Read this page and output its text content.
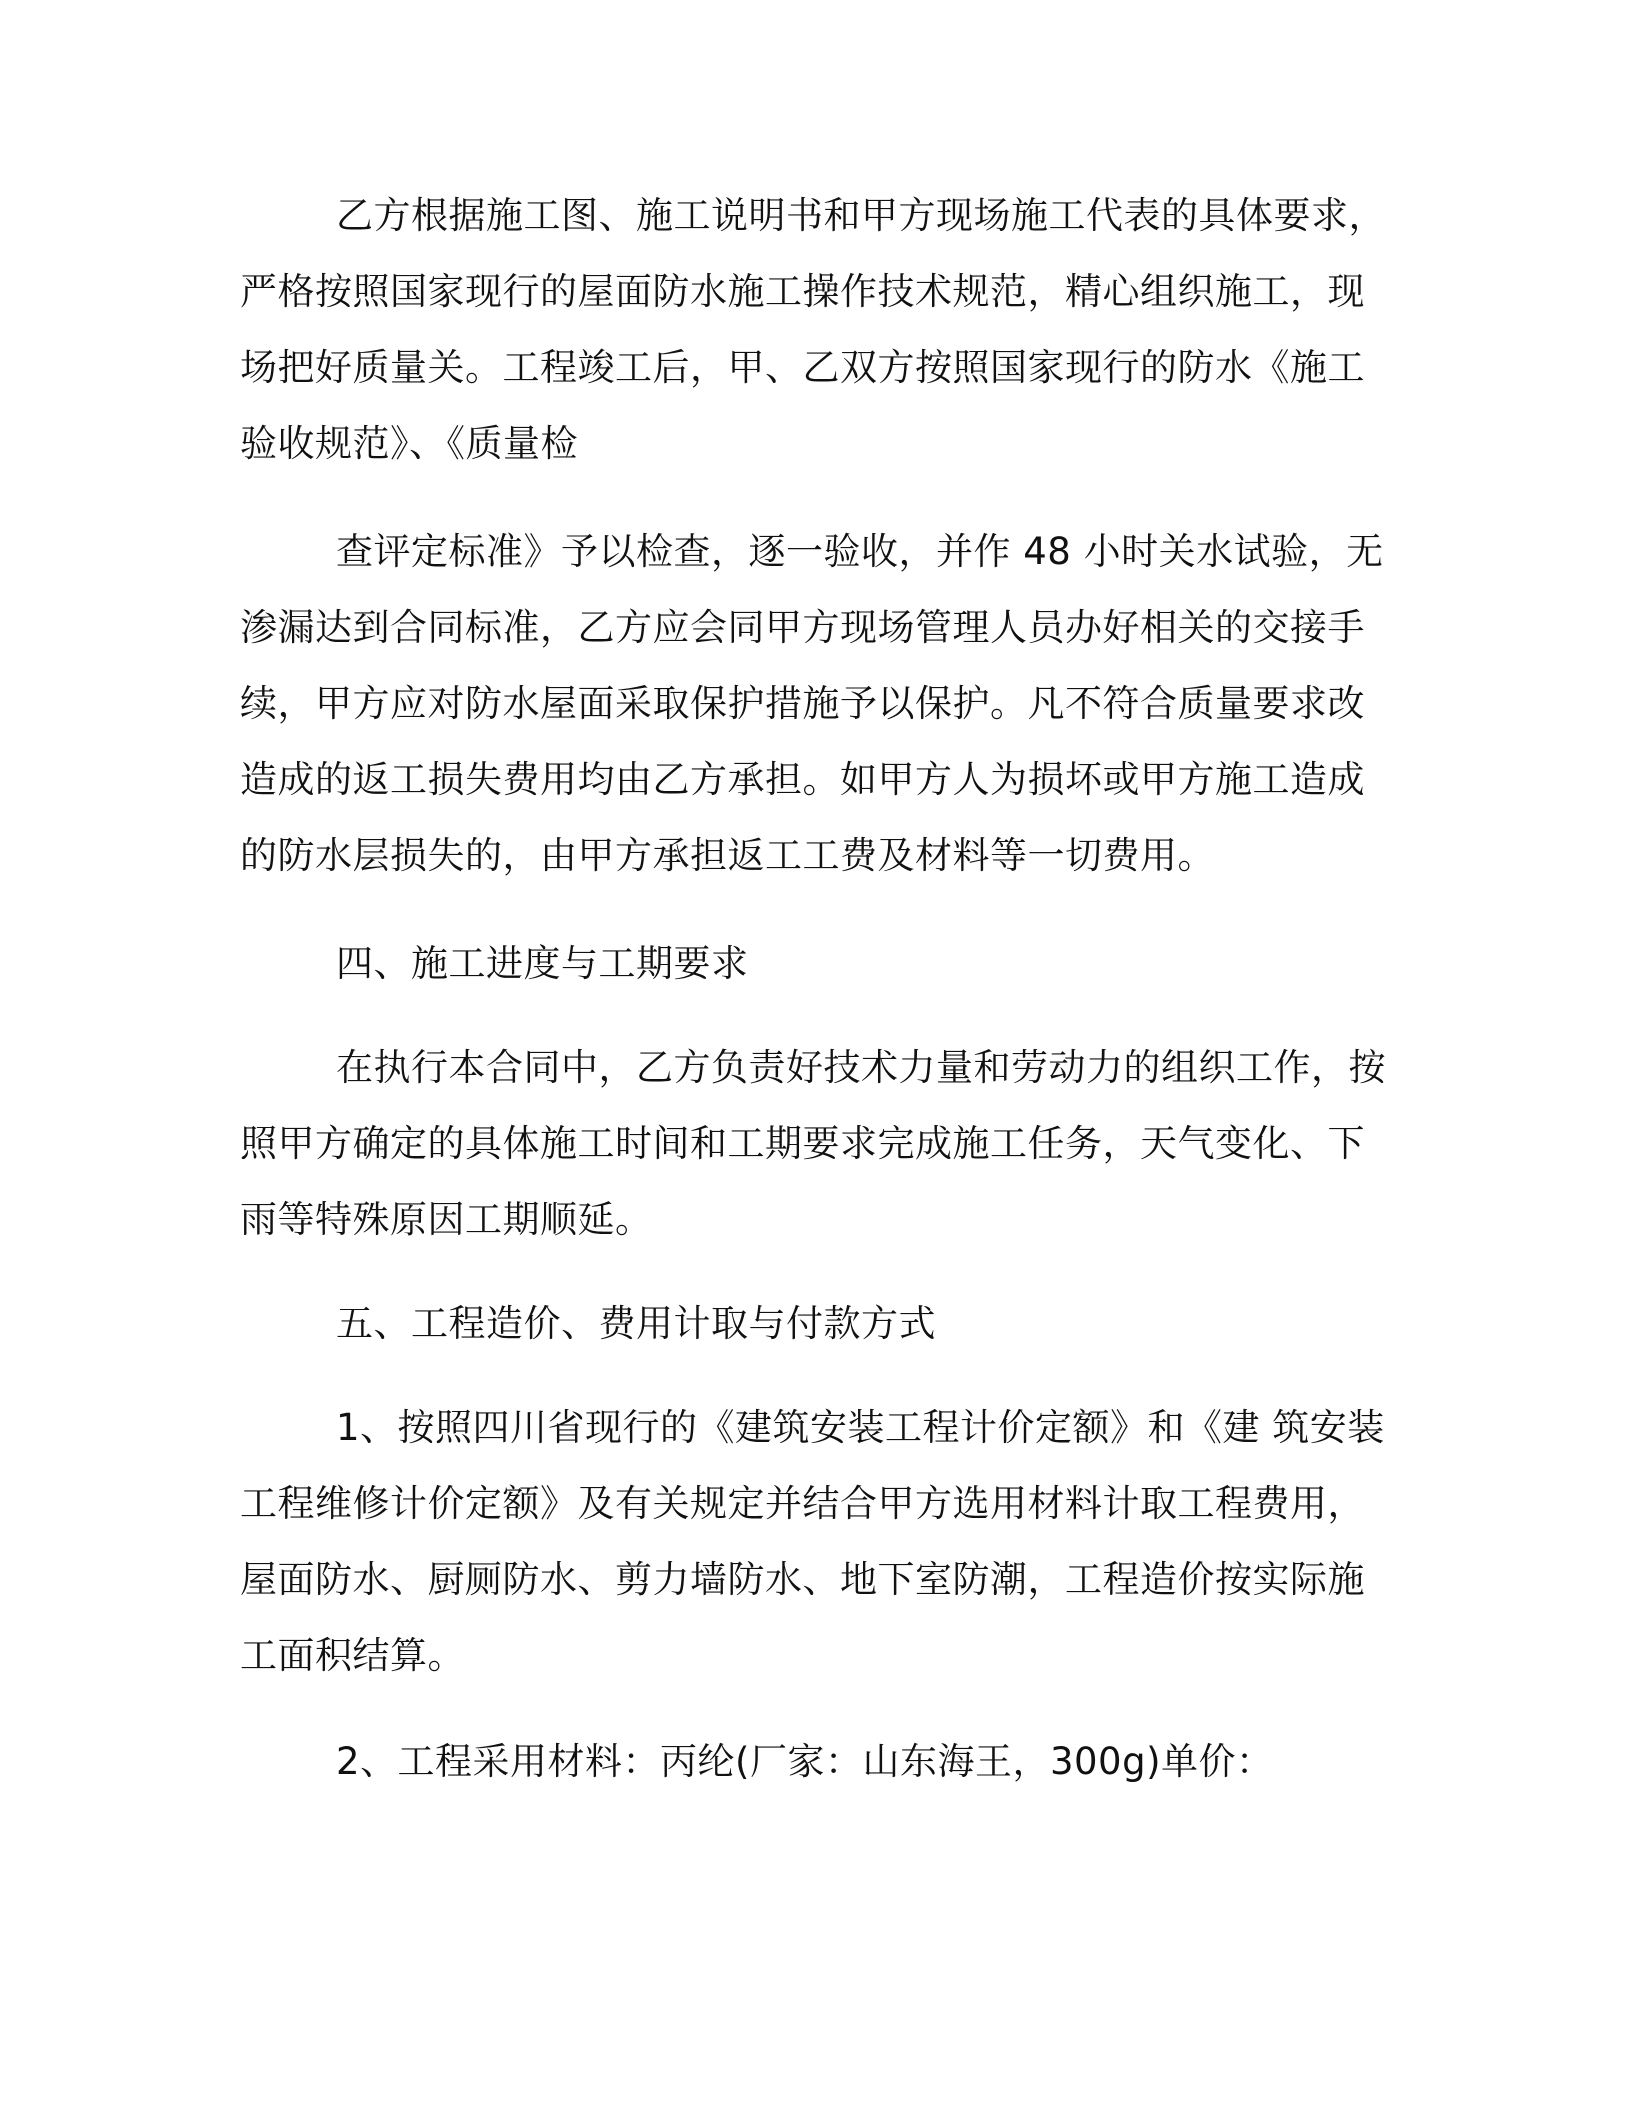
乙方根据施工图、施工说明书和甲方现场施工代表的具体要求，
严格按照国家现行的屋面防水施工操作技术规范，精心组织施工，现
场把好质量关。工程竣工后，甲、乙双方按照国家现行的防水《施工
验收规范》、《质量检
查评定标准》予以检查，逐一验收，并作 48 小时关水试验，无
渗漏达到合同标准，乙方应会同甲方现场管理人员办好相关的交接手
续，甲方应对防水屋面采取保护措施予以保护。凡不符合质量要求改
造成的返工损失费用均由乙方承担。如甲方人为损坏或甲方施工造成
的防水层损失的，由甲方承担返工工费及材料等一切费用。
四、施工进度与工期要求
在执行本合同中，乙方负责好技术力量和劳动力的组织工作，按
照甲方确定的具体施工时间和工期要求完成施工任务，天气变化、下
雨等特殊原因工期顺延。
五、工程造价、费用计取与付款方式
1、按照四川省现行的《建筑安装工程计价定额》和《建 筑安装
工程维修计价定额》及有关规定并结合甲方选用材料计取工程费用，
屋面防水、厨厕防水、剪力墙防水、地下室防潮，工程造价按实际施
工面积结算。
2、工程采用材料：丙纶(厂家：山东海王，300g)单价：
